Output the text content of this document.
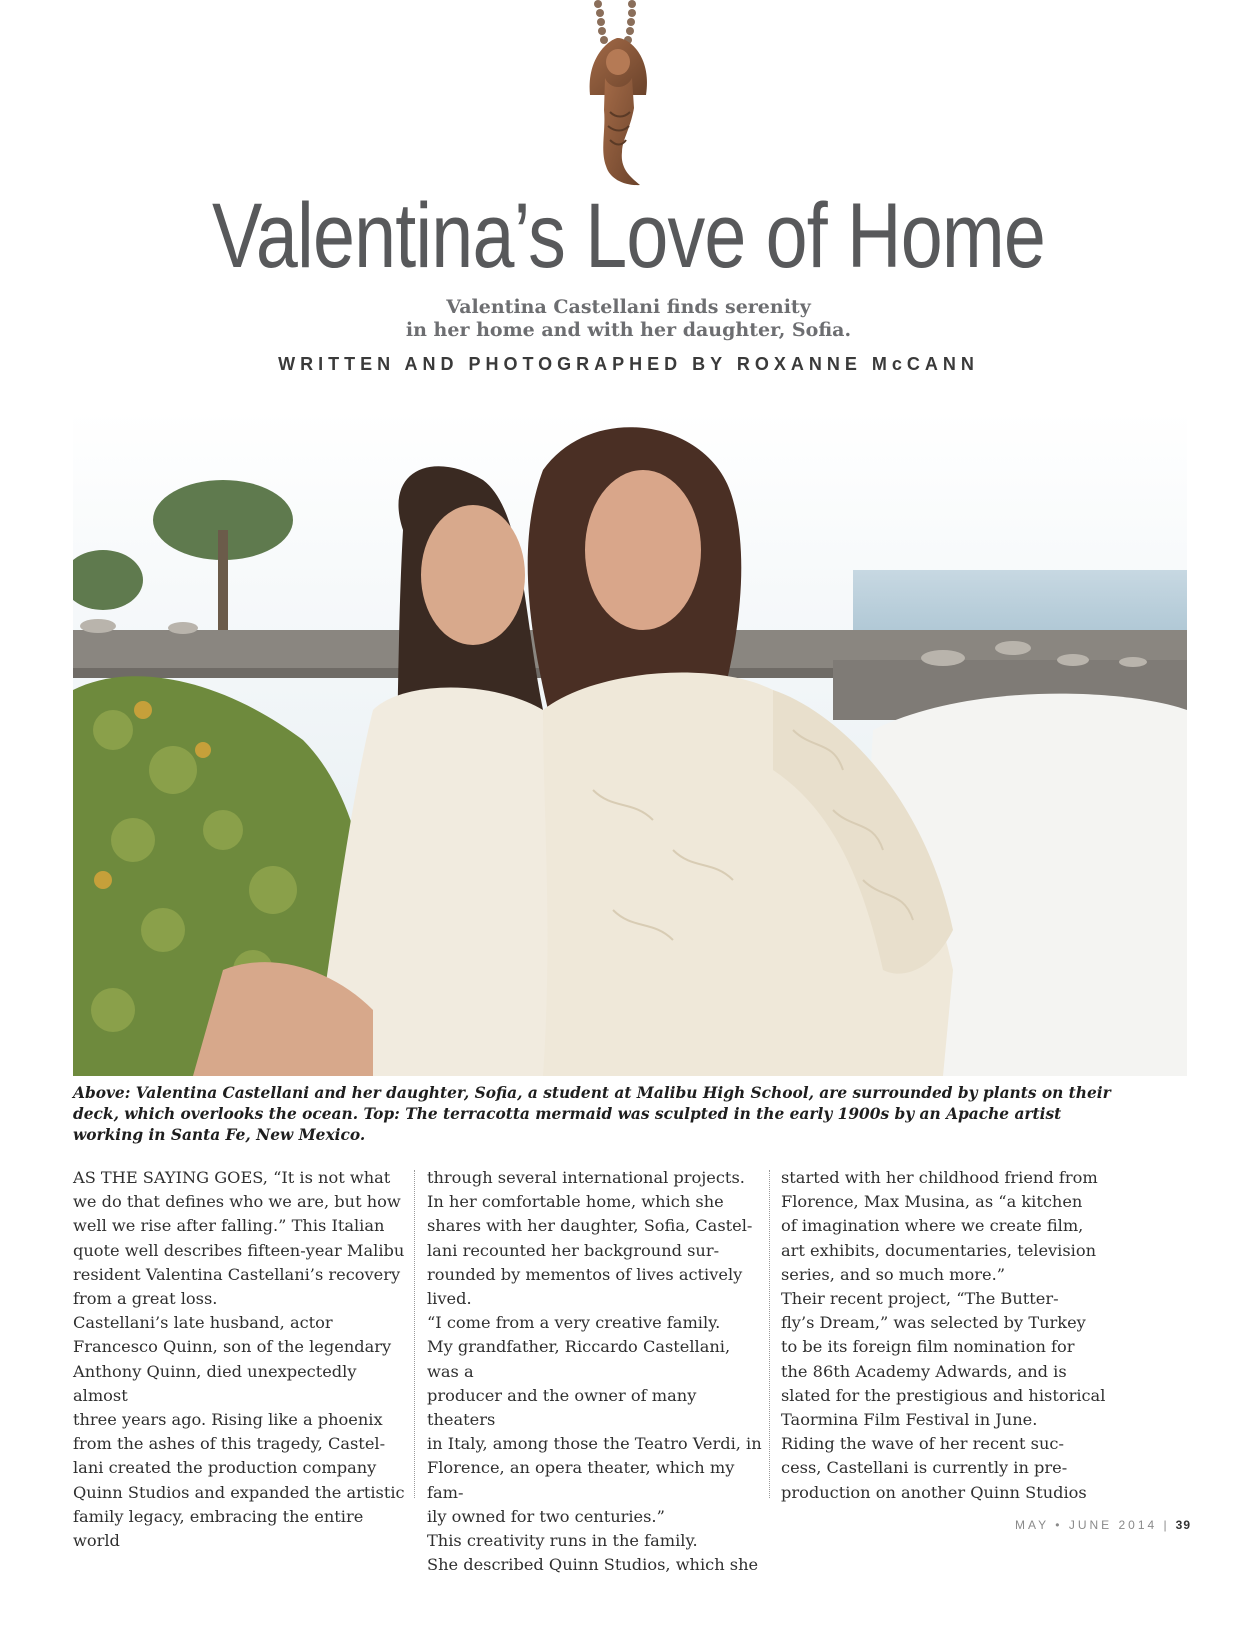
Valentina’s Love of Home
Valentina Castellani finds serenity
in her home and with her daughter, Sofia.
WRITTEN AND PHOTOGRAPHED BY ROXANNE McCANN
Above: Valentina Castellani and her daughter, Sofia, a student at Malibu High School, are surrounded by plants on their deck, which overlooks the ocean. Top: The terracotta mermaid was sculpted in the early 1900s by an Apache artist working in Santa Fe, New Mexico.
AS THE SAYING GOES, “It is not what
we do that defines who we are, but how
well we rise after falling.” This Italian
quote well describes fifteen-year Malibu
resident Valentina Castellani’s recovery
from a great loss.
Castellani’s late husband, actor
Francesco Quinn, son of the legendary
Anthony Quinn, died unexpectedly almost
three years ago. Rising like a phoenix
from the ashes of this tragedy, Castel-
lani created the production company
Quinn Studios and expanded the artistic
family legacy, embracing the entire world
through several international projects.
In her comfortable home, which she
shares with her daughter, Sofia, Castel-
lani recounted her background sur-
rounded by mementos of lives actively
lived.
“I come from a very creative family.
My grandfather, Riccardo Castellani, was a
producer and the owner of many theaters
in Italy, among those the Teatro Verdi, in
Florence, an opera theater, which my fam-
ily owned for two centuries.”
This creativity runs in the family.
She described Quinn Studios, which she
started with her childhood friend from
Florence, Max Musina, as “a kitchen
of imagination where we create film,
art exhibits, documentaries, television
series, and so much more.”
Their recent project, “The Butter-
fly’s Dream,” was selected by Turkey
to be its foreign film nomination for
the 86th Academy Adwards, and is
slated for the prestigious and historical
Taormina Film Festival in June.
Riding the wave of her recent suc-
cess, Castellani is currently in pre-
production on another Quinn Studios
MAY • JUNE 2014 | 39
